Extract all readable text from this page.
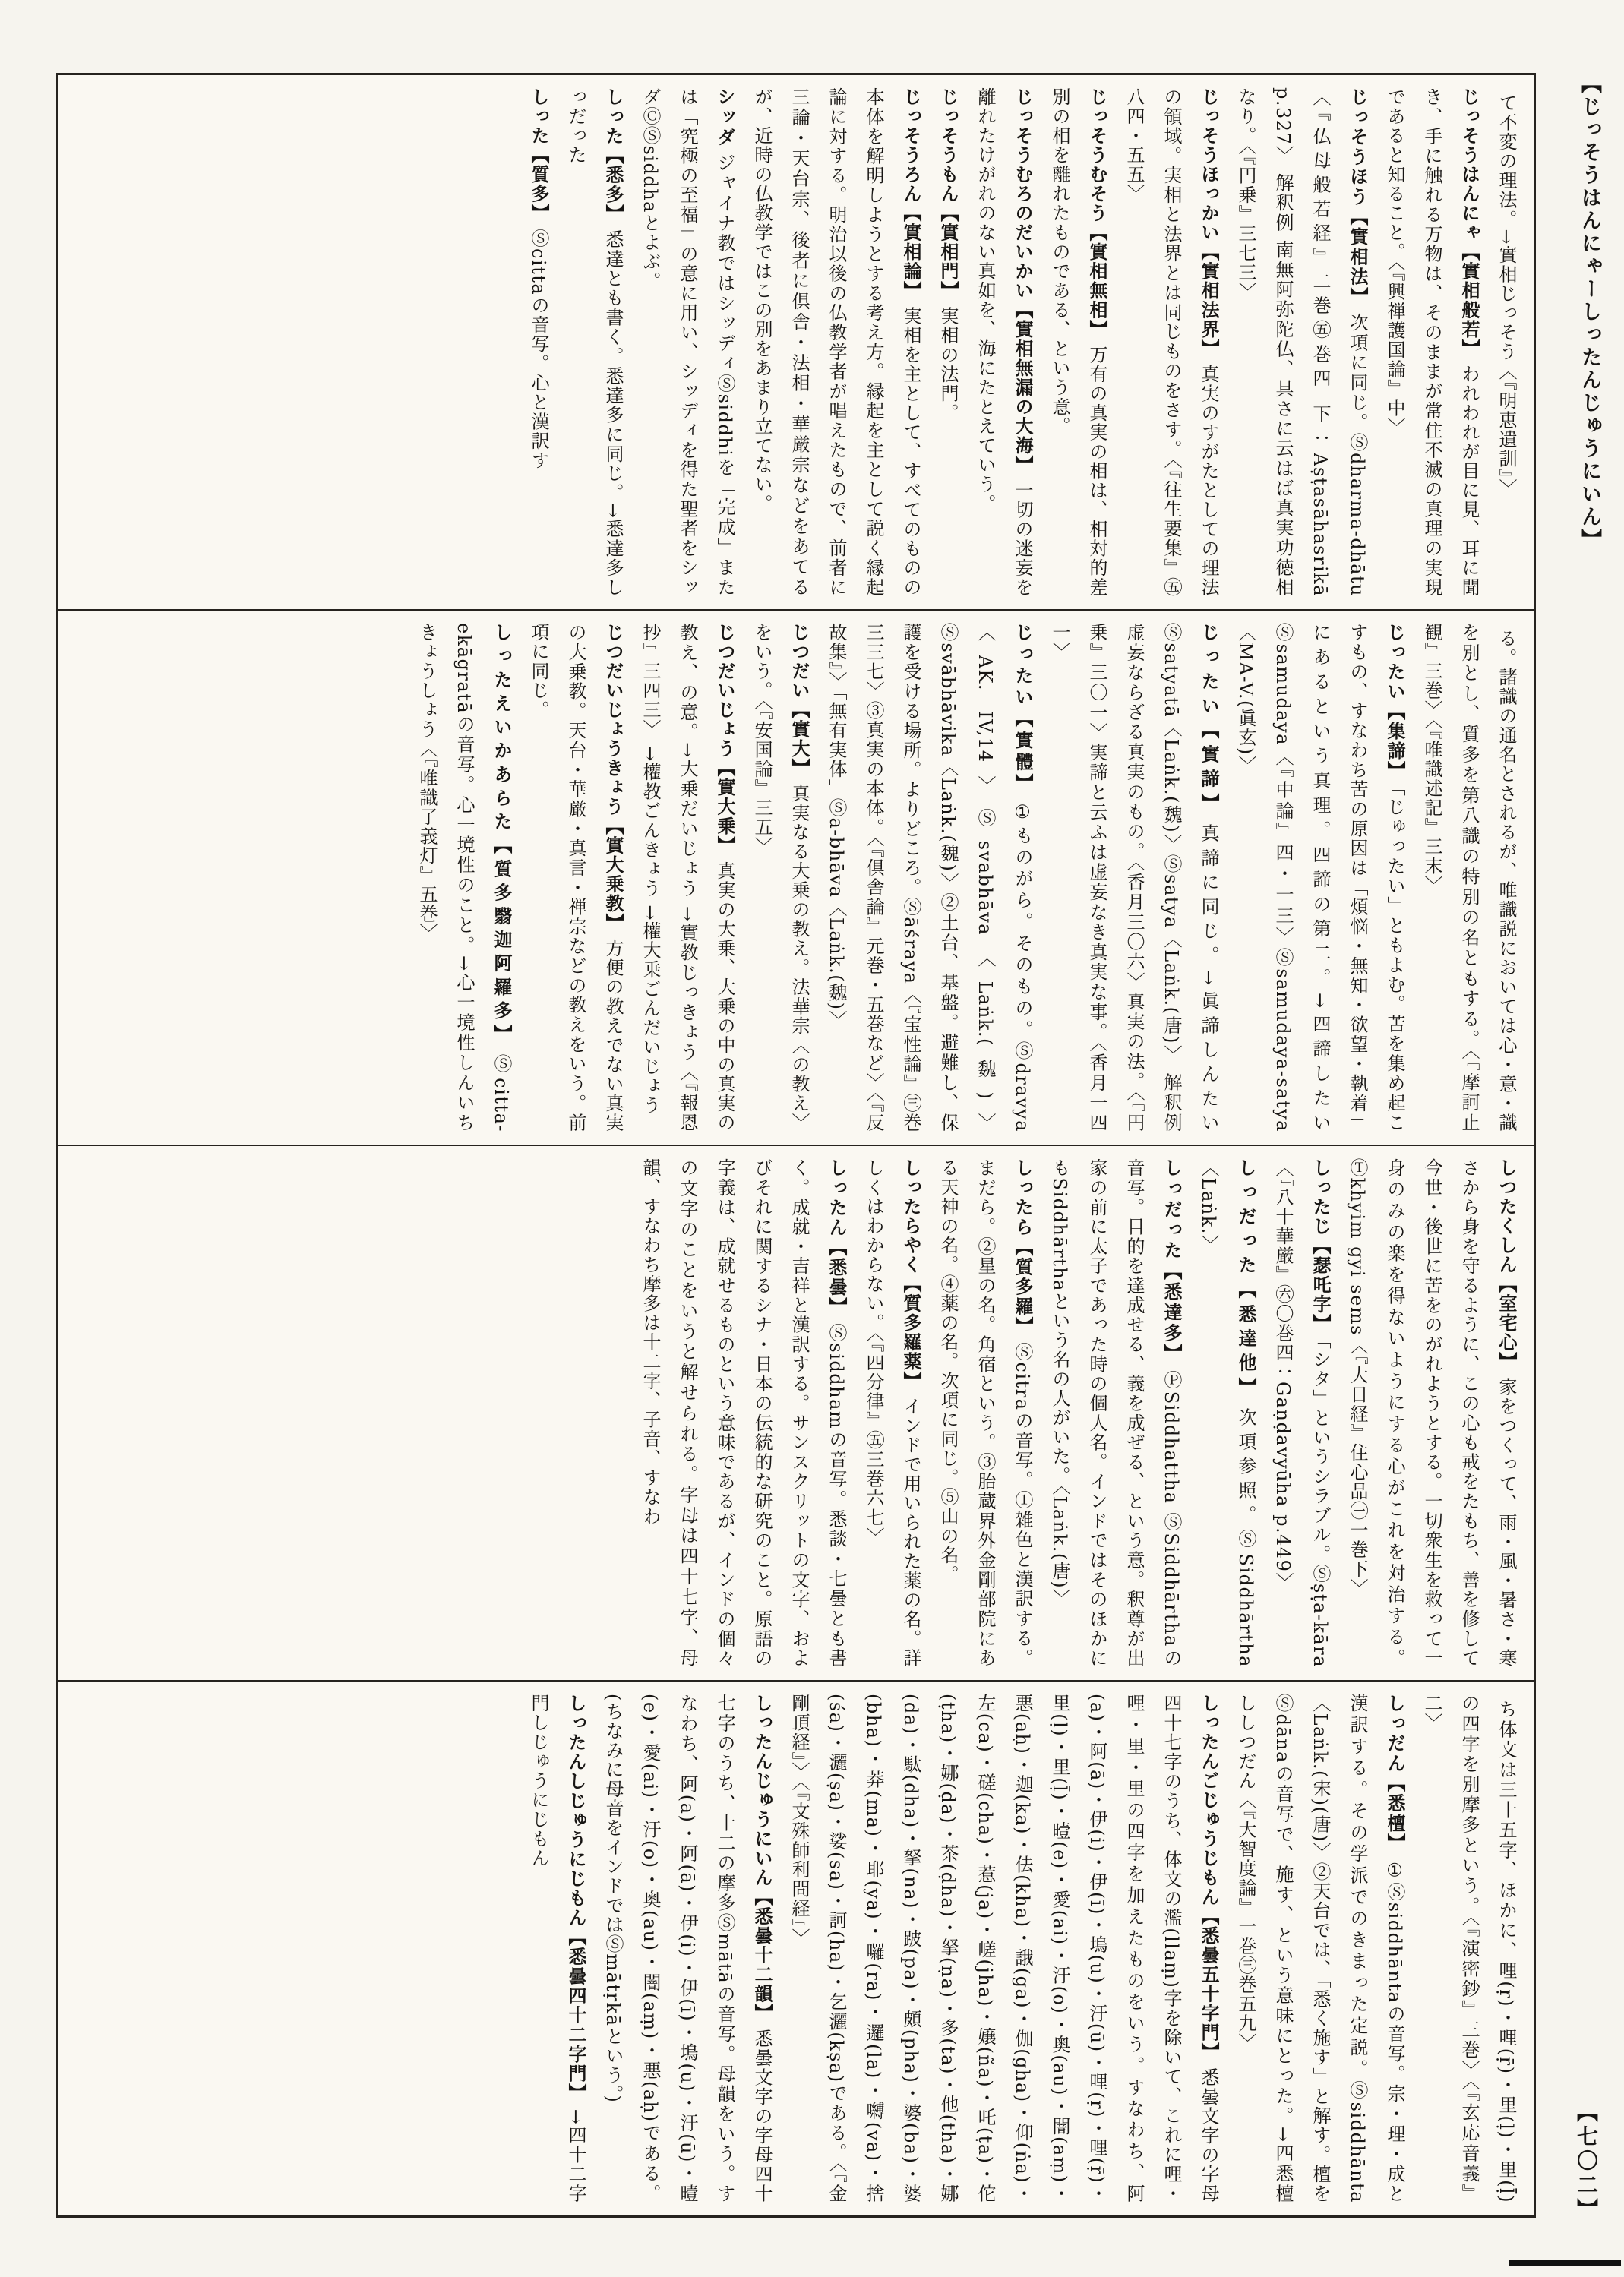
【じっそうはんにゃーしったんじゅうにいん】
て不変の理法。→實相じっそう〈『明恵遺訓』〉
じっそうはんにゃ【實相般若】われわれが目に見、耳に聞き、手に触れる万物は、そのままが常住不滅の真理の実現であると知ること。〈『興禅護国論』中〉
じっそうほう【實相法】次項に同じ。Ⓢdharma-dhātu〈『仏母般若経』二巻㊄巻四 下：Aṣṭasāhasrikā p.327〉 解釈例 南無阿弥陀仏、具さに云はば真実功徳相なり。〈『円乗』三七三〉
じっそうほっかい【實相法界】真実のすがたとしての理法の領域。実相と法界とは同じものをさす。〈『往生要集』㊄八四・五五〉
じっそうむそう【實相無相】万有の真実の相は、相対的差別の相を離れたものである、という意。
じっそうむろのだいかい【實相無漏の大海】一切の迷妄を離れたけがれのない真如を、海にたとえていう。
じっそうもん【實相門】実相の法門。
じっそうろん【實相論】実相を主として、すべてのものの本体を解明しようとする考え方。縁起を主として説く縁起論に対する。明治以後の仏教学者が唱えたもので、前者に三論・天台宗、後者に倶舎・法相・華厳宗などをあてるが、近時の仏教学ではこの別をあまり立てない。
シッダジャイナ教ではシッディⓈsiddhiを「完成」または「究極の至福」の意に用い、シッディを得た聖者をシッダⒸⓈsiddhaとよぶ。
しった【悉多】悉達とも書く。悉達多に同じ。→悉達多しっだった
しった【質多】Ⓢcittaの音写。心と漢訳す
る。諸識の通名とされるが、唯識説においては心・意・識を別とし、質多を第八識の特別の名ともする。〈『摩訶止観』三巻〉〈『唯識述記』三末〉
じったい【集諦】「じゅったい」ともよむ。苦を集め起こすもの、すなわち苦の原因は「煩悩・無知・欲望・執着」にあるという真理。四諦の第二。→四諦したい Ⓢsamudaya〈『中論』四・一三〉Ⓢsamudaya-satya〈MA-V.(眞玄)〉
じったい【實諦】真諦に同じ。→眞諦しんたい Ⓢsatyatā〈Laṅk.(魏)〉Ⓢsatya〈Laṅk.(唐)〉 解釈例 虚妄ならざる真実のもの。〈香月三〇六〉真実の法。〈『円乗』三〇一〉実諦と云ふは虚妄なき真実な事。〈香月一四一〉
じったい【實體】①ものがら。そのもの。Ⓢdravya〈AK. IV,14〉Ⓢsvabhāva〈Laṅk.(魏)〉Ⓢsvābhāvika〈Laṅk.(魏)〉②土台、基盤。避難し、保護を受ける場所。よりどころ。Ⓢāśraya〈『宝性論』㊂巻三三七〉③真実の本体。〈『倶舎論』元巻・五巻など〉〈『反故集』〉「無有実体」Ⓢa-bhāva〈Laṅk.(魏)〉
じつだい【實大】真実なる大乗の教え。法華宗〈の教え〉をいう。〈『安国論』三五〉
じつだいじょう【實大乗】真実の大乗、大乗の中の真実の教え、の意。→大乗だいじょう →實教じっきょう〈『報恩抄』三四三〉 →權教ごんきょう →權大乗ごんだいじょう
じつだいじょうきょう【實大乗教】方便の教えでない真実の大乗教。天台・華厳・真言・禅宗などの教えをいう。前項に同じ。
しったえいかあらた【質多翳迦阿羅多】Ⓢcitta-ekāgratāの音写。心一境性のこと。→心一境性しんいちきょうしょう〈『唯識了義灯』五巻〉
しつたくしん【室宅心】家をつくって、雨・風・暑さ・寒さから身を守るように、この心も戒をたもち、善を修して今世・後世に苦をのがれようとする。一切衆生を救って一身のみの楽を得ないようにする心がこれを対治する。Ⓣkhyim gyi sems〈『大日経』住心品㊀一巻下〉
しったじ【瑟吒字】「シタ」というシラブル。Ⓢṣṭa-kāra〈『八十華厳』㊅〇巻四：Gaṇḍavyūha p.449〉
しっだった【悉達他】次項参照。ⓈSiddhārtha〈Laṅk.〉
しっだった【悉達多】ⓅSiddhattha ⓈSiddhārthaの音写。目的を達成せる、義を成ぜる、という意。釈尊が出家の前に太子であった時の個人名。インドではそのほかにもSiddhārthaという名の人がいた。〈Laṅk.(唐)〉
しったら【質多羅】Ⓢcitraの音写。①雑色と漢訳する。まだら。②星の名。角宿という。③胎蔵界外金剛部院にある天神の名。④薬の名。次項に同じ。⑤山の名。
しったらやく【質多羅薬】インドで用いられた薬の名。詳しくはわからない。〈『四分律』㊄三巻六七〉
しったん【悉曇】Ⓢsiddhamの音写。悉談・七曇とも書く。成就・吉祥と漢訳する。サンスクリットの文字、およびそれに関するシナ・日本の伝統的な研究のこと。原語の字義は、成就せるものという意味であるが、インドの個々の文字のことをいうと解せられる。字母は四十七字、母韻、すなわち摩多は十二字、子音、すなわ
ち体文は三十五字、ほかに、哩(ṛ)・哩(ṝ)・里(ḷ)・里(ḹ)の四字を別摩多という。〈『演密鈔』三巻〉〈『玄応音義』二〉
しっだん【悉檀】①Ⓢsiddhāntaの音写。宗・理・成と漢訳する。その学派でのきまった定説。Ⓢsiddhānta〈Laṅk.(宋)(唐)〉②天台では、「悉く施す」と解す。檀をⓈdānaの音写で、施す、という意味にとった。→四悉檀ししつだん〈『大智度論』一巻㊂巻五九〉
しったんごじゅうじもん【悉曇五十字門】悉曇文字の字母四十七字のうち、体文の濫(llaṃ)字を除いて、これに哩・哩・里・里の四字を加えたものをいう。すなわち、阿(a)・阿(ā)・伊(i)・伊(ī)・塢(u)・汙(ū)・哩(ṛ)・哩(ṝ)・里(ḷ)・里(ḹ)・曀(e)・愛(ai)・汙(o)・奥(au)・闇(aṃ)・悪(aḥ)・迦(ka)・佉(kha)・誐(ga)・伽(gha)・仰(ṅa)・左(ca)・磋(cha)・惹(ja)・嵯(jha)・嬢(ña)・吒(ṭa)・佗(ṭha)・娜(ḍa)・茶(ḍha)・拏(ṇa)・多(ta)・他(tha)・娜(da)・駄(dha)・拏(na)・跛(pa)・頗(pha)・婆(ba)・婆(bha)・莽(ma)・耶(ya)・囉(ra)・邏(la)・嚩(va)・捨(śa)・灑(ṣa)・娑(sa)・訶(ha)・乞灑(kṣa)である。〈『金剛頂経』〉〈『文殊師利問経』〉
しったんじゅうにいん【悉曇十二韻】悉曇文字の字母四十七字のうち、十二の摩多Ⓢmātāの音写。母韻をいう。すなわち、阿(a)・阿(ā)・伊(i)・伊(ī)・塢(u)・汙(ū)・曀(e)・愛(ai)・汙(o)・奥(au)・闇(aṃ)・悪(aḥ)である。(ちなみに母音をインドではⓈmātṛkāという。)
しったんしじゅうにじもん【悉曇四十二字門】→四十二字門しじゅうにじもん
【七〇二】
